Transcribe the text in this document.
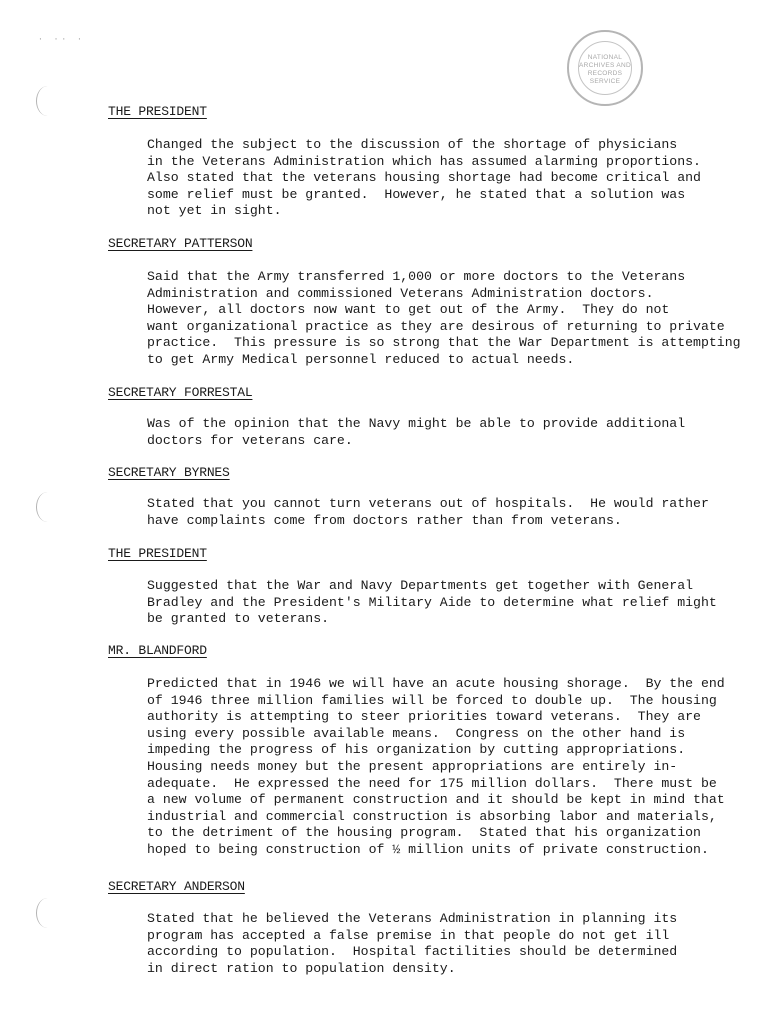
· ·· ·
NATIONAL
ARCHIVES AND
RECORDS
SERVICE
THE PRESIDENT
Changed the subject to the discussion of the shortage of physicians
in the Veterans Administration which has assumed alarming proportions.
Also stated that the veterans housing shortage had become critical and
some relief must be granted.  However, he stated that a solution was
not yet in sight.
SECRETARY PATTERSON
Said that the Army transferred 1,000 or more doctors to the Veterans
Administration and commissioned Veterans Administration doctors.
However, all doctors now want to get out of the Army.  They do not
want organizational practice as they are desirous of returning to private
practice.  This pressure is so strong that the War Department is attempting
to get Army Medical personnel reduced to actual needs.
SECRETARY FORRESTAL
Was of the opinion that the Navy might be able to provide additional
doctors for veterans care.
SECRETARY BYRNES
Stated that you cannot turn veterans out of hospitals.  He would rather
have complaints come from doctors rather than from veterans.
THE PRESIDENT
Suggested that the War and Navy Departments get together with General
Bradley and the President's Military Aide to determine what relief might
be granted to veterans.
MR. BLANDFORD
Predicted that in 1946 we will have an acute housing shorage.  By the end
of 1946 three million families will be forced to double up.  The housing
authority is attempting to steer priorities toward veterans.  They are
using every possible available means.  Congress on the other hand is
impeding the progress of his organization by cutting appropriations.
Housing needs money but the present appropriations are entirely in-
adequate.  He expressed the need for 175 million dollars.  There must be
a new volume of permanent construction and it should be kept in mind that
industrial and commercial construction is absorbing labor and materials,
to the detriment of the housing program.  Stated that his organization
hoped to being construction of ½ million units of private construction.
SECRETARY ANDERSON
Stated that he believed the Veterans Administration in planning its
program has accepted a false premise in that people do not get ill
according to population.  Hospital factilities should be determined
in direct ration to population density.
